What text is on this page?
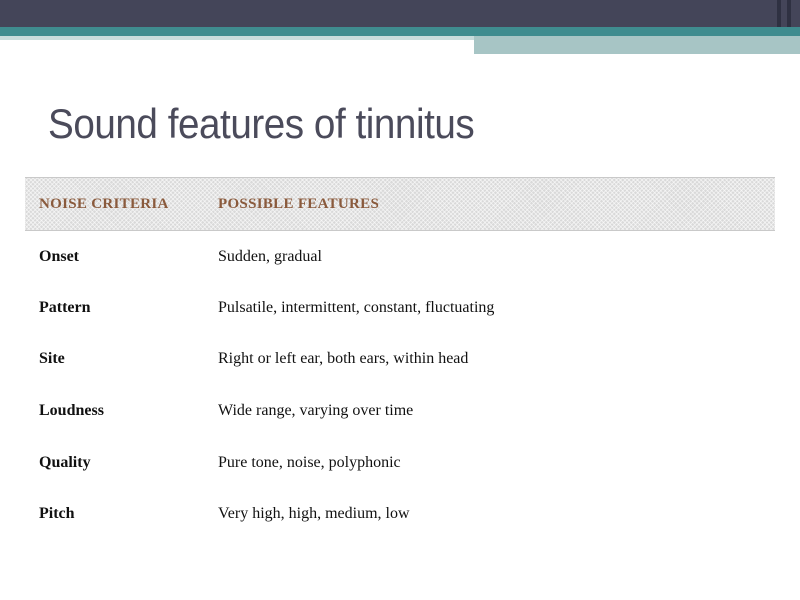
Sound features of tinnitus
NOISE CRITERIA	POSSIBLE FEATURES
Onset	Sudden, gradual
Pattern	Pulsatile, intermittent, constant, fluctuating
Site	Right or left ear, both ears, within head
Loudness	Wide range, varying over time
Quality	Pure tone, noise, polyphonic
Pitch	Very high, high, medium, low
